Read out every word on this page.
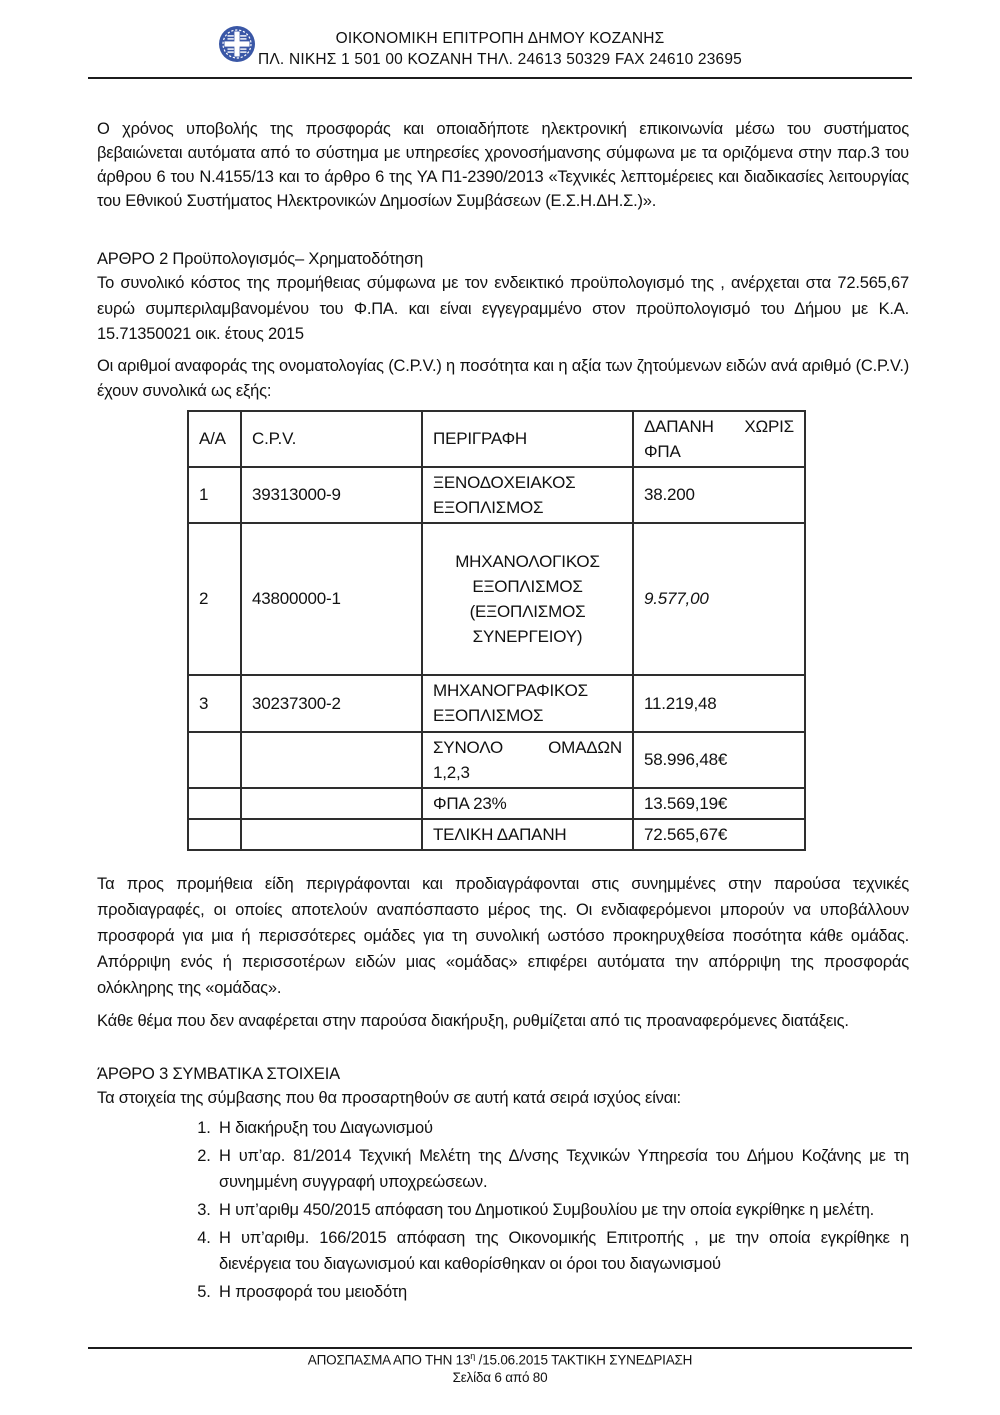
ΟΙΚΟΝΟΜΙΚΗ ΕΠΙΤΡΟΠΗ ΔΗΜΟΥ ΚΟΖΑΝΗΣ
ΠΛ. ΝΙΚΗΣ 1 501 00 ΚΟΖΑΝΗ ΤΗΛ. 24613 50329 FAX 24610 23695

Ο χρόνος υποβολής της προσφοράς και οποιαδήποτε ηλεκτρονική επικοινωνία μέσω του συστήματος βεβαιώνεται αυτόματα από το σύστημα με υπηρεσίες χρονοσήμανσης σύμφωνα με τα οριζόμενα στην παρ.3 του άρθρου 6 του Ν.4155/13 και το άρθρο 6 της ΥΑ Π1-2390/2013 «Τεχνικές λεπτομέρειες και διαδικασίες λειτουργίας του Εθνικού Συστήματος Ηλεκτρονικών Δημοσίων Συμβάσεων (Ε.Σ.Η.ΔΗ.Σ.)».

ΑΡΘΡΟ 2 Προϋπολογισμός– Χρηματοδότηση

Το συνολικό κόστος της προμήθειας σύμφωνα με τον ενδεικτικό προϋπολογισμό της , ανέρχεται στα 72.565,67 ευρώ συμπεριλαμβανομένου του Φ.ΠΑ. και είναι εγγεγραμμένο στον προϋπολογισμό του Δήμου με Κ.Α. 15.71350021 οικ. έτους 2015

Οι αριθμοί αναφοράς της ονοματολογίας (C.P.V.) η ποσότητα και η αξία των ζητούμενων ειδών ανά αριθμό (C.P.V.) έχουν συνολικά ως εξής:

Α/Α	C.P.V.	ΠΕΡΙΓΡΑΦΗ	ΔΑΠΑΝΗ ΧΩΡΙΣ ΦΠΑ
1	39313000-9	ΞΕΝΟΔΟΧΕΙΑΚΟΣ ΕΞΟΠΛΙΣΜΟΣ	38.200
2	43800000-1	ΜΗΧΑΝΟΛΟΓΙΚΟΣ ΕΞΟΠΛΙΣΜΟΣ (ΕΞΟΠΛΙΣΜΟΣ ΣΥΝΕΡΓΕΙΟΥ)	9.577,00
3	30237300-2	ΜΗΧΑΝΟΓΡΑΦΙΚΟΣ ΕΞΟΠΛΙΣΜΟΣ	11.219,48
		ΣΥΝΟΛΟ ΟΜΑΔΩΝ 1,2,3	58.996,48€
		ΦΠΑ 23%	13.569,19€
		ΤΕΛΙΚΗ ΔΑΠΑΝΗ	72.565,67€

Τα προς προμήθεια είδη περιγράφονται και προδιαγράφονται στις συνημμένες στην παρούσα τεχνικές προδιαγραφές, οι οποίες αποτελούν αναπόσπαστο μέρος της. Οι ενδιαφερόμενοι μπορούν να υποβάλλουν προσφορά για μια ή περισσότερες ομάδες για τη συνολική ωστόσο προκηρυχθείσα ποσότητα κάθε ομάδας. Απόρριψη ενός ή περισσοτέρων ειδών μιας «ομάδας» επιφέρει αυτόματα την απόρριψη της προσφοράς ολόκληρης της «ομάδας».

Κάθε θέμα που δεν αναφέρεται στην παρούσα διακήρυξη, ρυθμίζεται από τις προαναφερόμενες διατάξεις.

ΆΡΘΡΟ 3 ΣΥΜΒΑΤΙΚΑ ΣΤΟΙΧΕΙΑ

Τα στοιχεία της σύμβασης που θα προσαρτηθούν σε αυτή κατά σειρά ισχύος είναι:

1. Η διακήρυξη του Διαγωνισμού
2. Η υπ’αρ. 81/2014 Τεχνική Μελέτη της Δ/νσης Τεχνικών Υπηρεσία του Δήμου Κοζάνης με τη συνημμένη συγγραφή υποχρεώσεων.
3. Η υπ’αριθμ 450/2015 απόφαση του Δημοτικού Συμβουλίου με την οποία εγκρίθηκε η μελέτη.
4. Η υπ’αριθμ. 166/2015 απόφαση της Οικονομικής Επιτροπής , με την οποία εγκρίθηκε η διενέργεια του διαγωνισμού και καθορίσθηκαν οι όροι του διαγωνισμού
5. Η προσφορά του μειοδότη
ΑΠΟΣΠΑΣΜΑ ΑΠΟ ΤΗΝ $13^\eta$ /15.06.2015 ΤΑΚΤΙΚΗ ΣΥΝΕΔΡΙΑΣΗ
Σελίδα 6 από 80
